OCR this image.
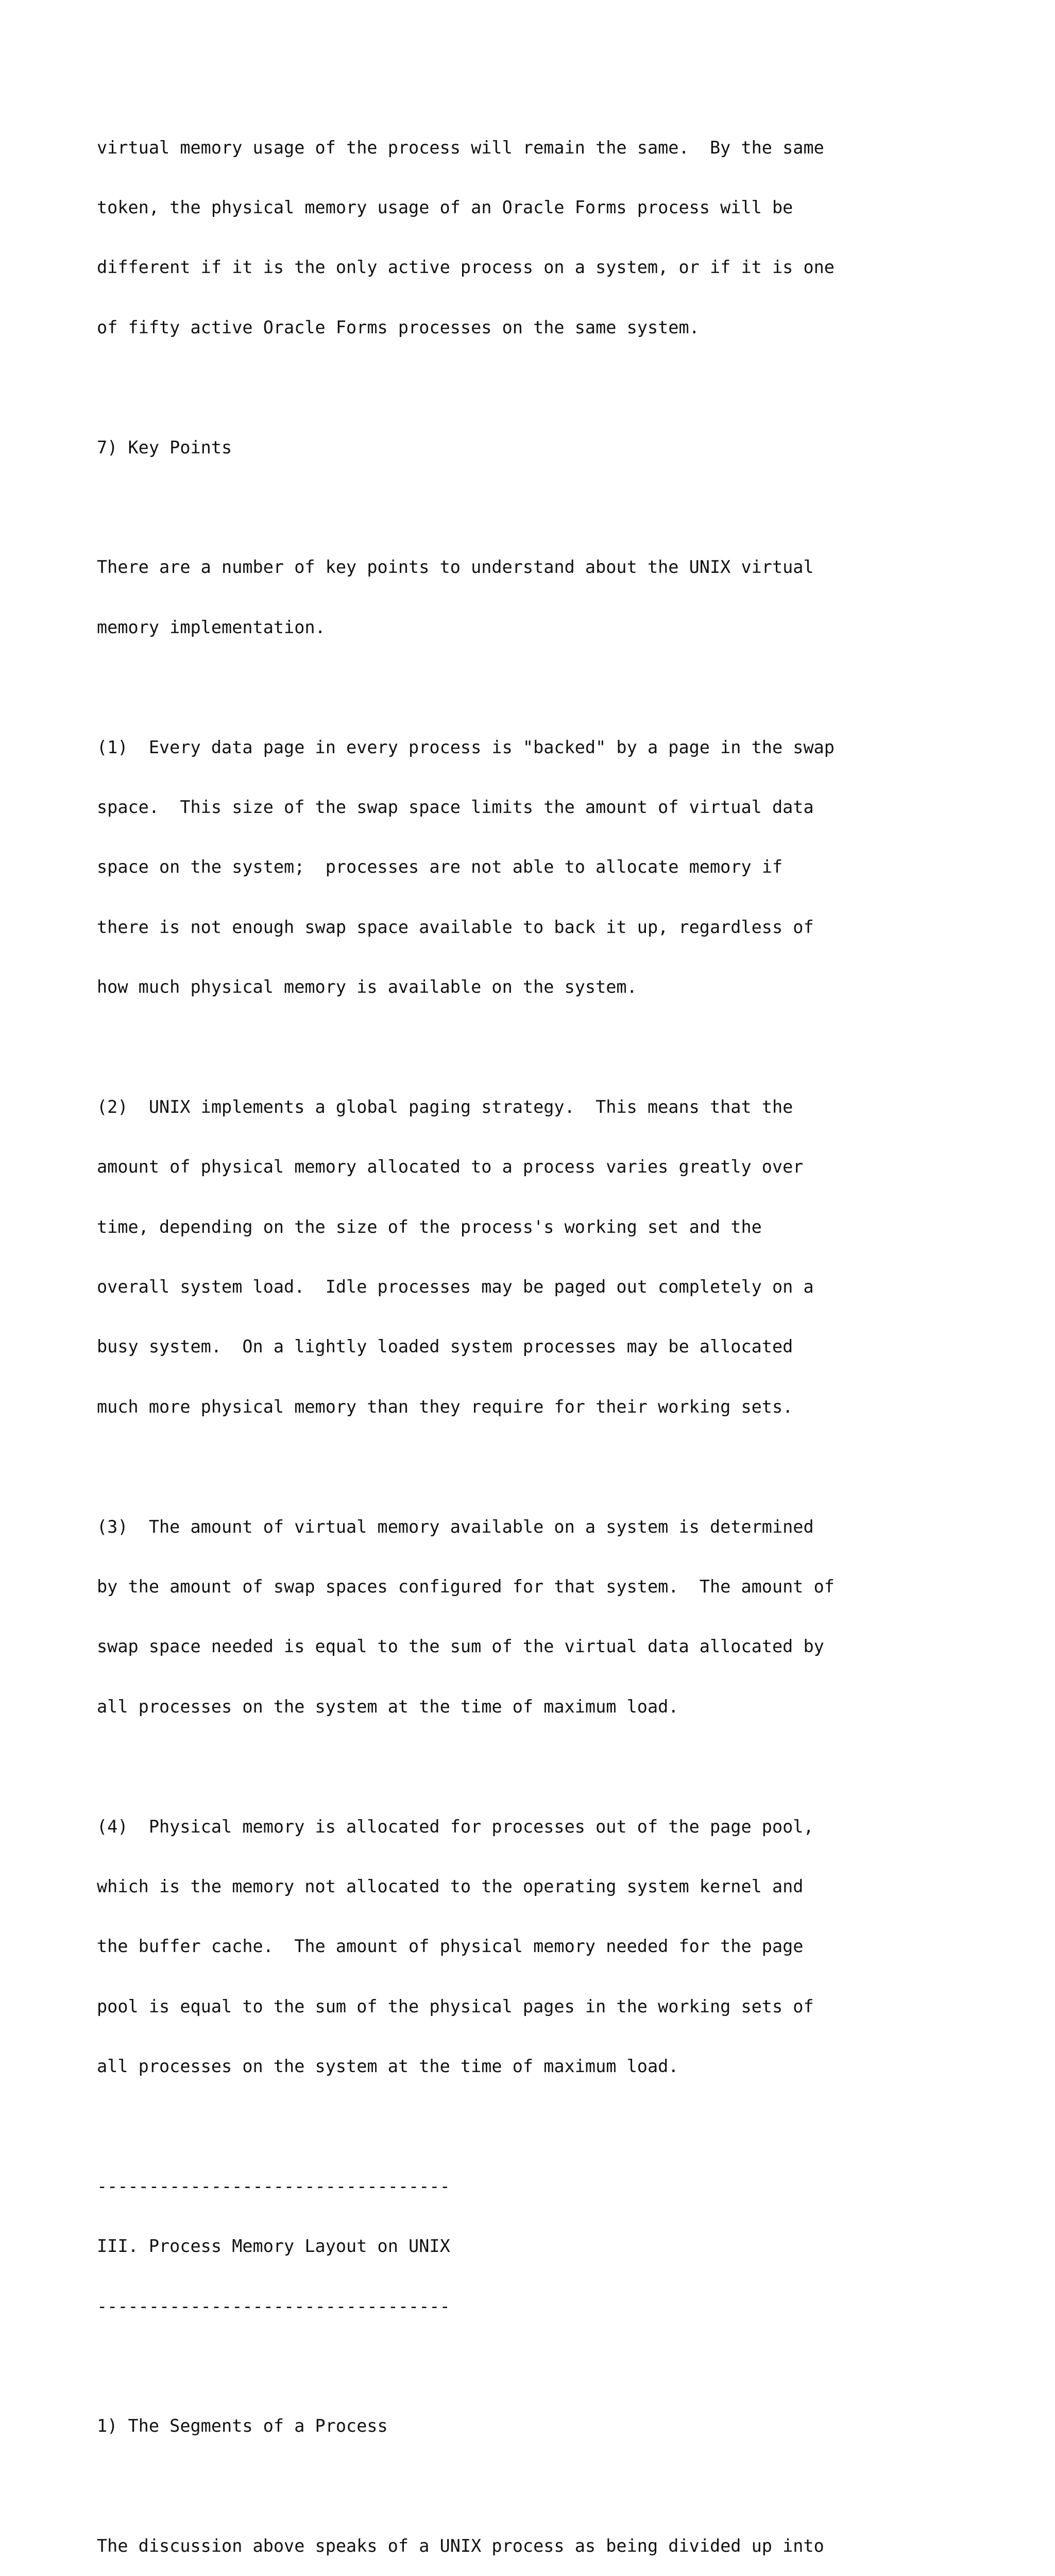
virtual memory usage of the process will remain the same.  By the same

token, the physical memory usage of an Oracle Forms process will be

different if it is the only active process on a system, or if it is one

of fifty active Oracle Forms processes on the same system.

7) Key Points

There are a number of key points to understand about the UNIX virtual

memory implementation.

(1)  Every data page in every process is "backed" by a page in the swap

space.  This size of the swap space limits the amount of virtual data

space on the system;  processes are not able to allocate memory if

there is not enough swap space available to back it up, regardless of

how much physical memory is available on the system.

(2)  UNIX implements a global paging strategy.  This means that the

amount of physical memory allocated to a process varies greatly over

time, depending on the size of the process's working set and the

overall system load.  Idle processes may be paged out completely on a

busy system.  On a lightly loaded system processes may be allocated

much more physical memory than they require for their working sets.

(3)  The amount of virtual memory available on a system is determined

by the amount of swap spaces configured for that system.  The amount of

swap space needed is equal to the sum of the virtual data allocated by

all processes on the system at the time of maximum load.

(4)  Physical memory is allocated for processes out of the page pool,

which is the memory not allocated to the operating system kernel and

the buffer cache.  The amount of physical memory needed for the page

pool is equal to the sum of the physical pages in the working sets of

all processes on the system at the time of maximum load.

----------------------------------

III. Process Memory Layout on UNIX

----------------------------------

1) The Segments of a Process

The discussion above speaks of a UNIX process as being divided up into
